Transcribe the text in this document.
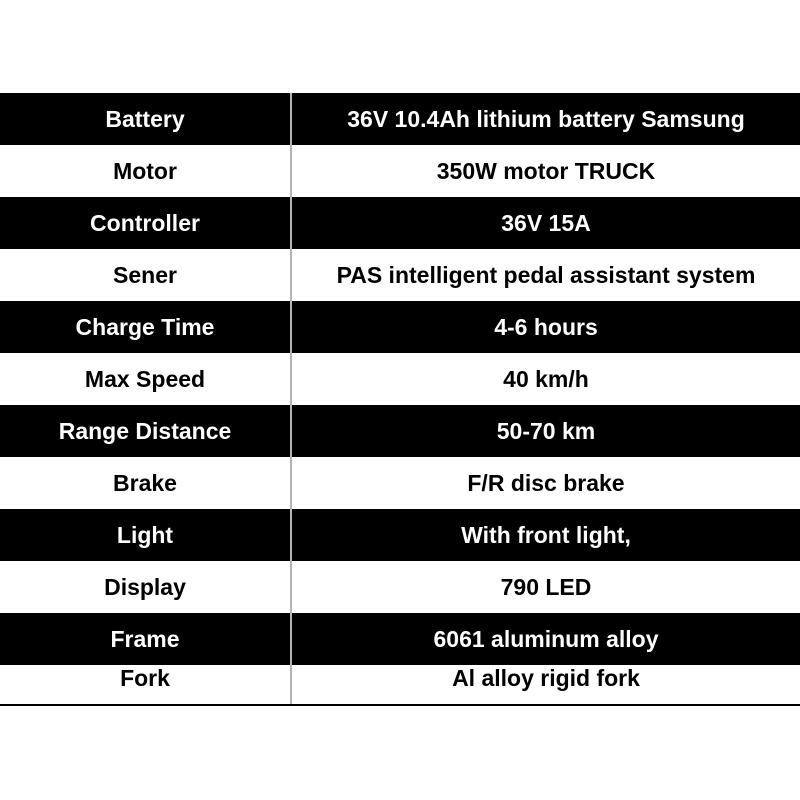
Battery	36V 10.4Ah lithium battery Samsung
Motor	350W motor TRUCK
Controller	36V 15A
Sener	PAS intelligent pedal assistant system
Charge Time	4-6 hours
Max Speed	40 km/h
Range Distance	50-70 km
Brake	F/R disc brake
Light	With front light,
Display	790 LED
Frame	6061 aluminum alloy
Fork	Al alloy rigid fork
